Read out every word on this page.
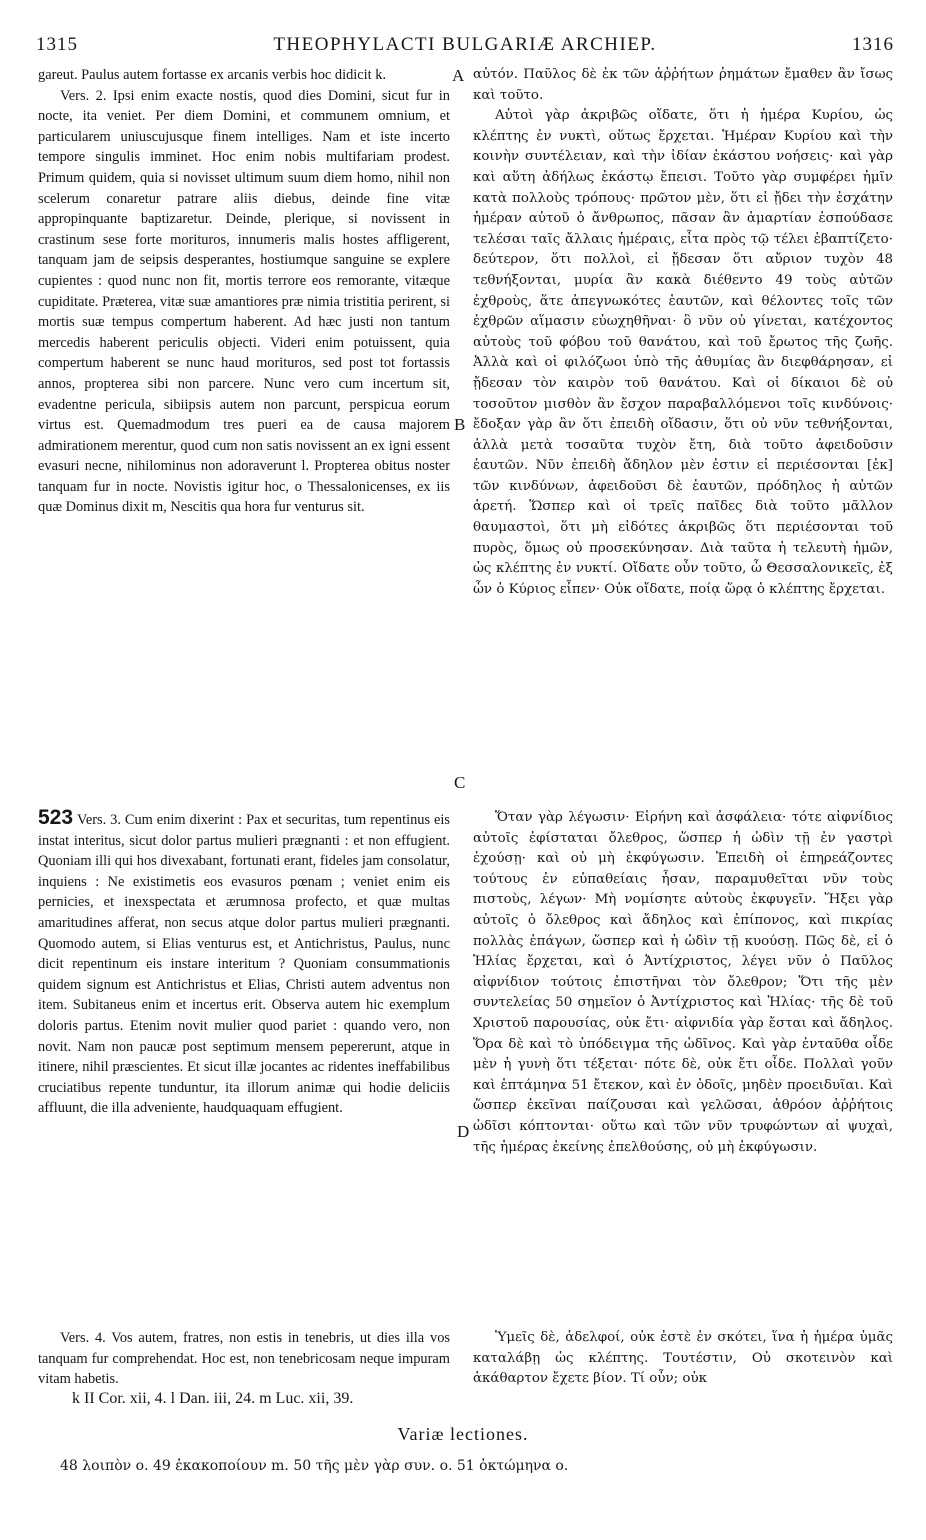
1315	THEOPHYLACTI BULGARIÆ ARCHIEP.	1316
A
B
C
D

gareut. Paulus autem fortasse ex arcanis verbis hoc didicit k.

Vers. 2. Ipsi enim exacte nostis, quod dies Domini, sicut fur in nocte, ita veniet. Per diem Domini, et communem omnium, et particularem uniuscujusque finem intelliges. Nam et iste incerto tempore singulis imminet. Hoc enim nobis multifariam prodest. Primum quidem, quia si novisset ultimum suum diem homo, nihil non scelerum conaretur patrare aliis diebus, deinde fine vitæ appropinquante baptizaretur. Deinde, plerique, si novissent in crastinum sese forte morituros, innumeris malis hostes affligerent, tanquam jam de seipsis desperantes, hostiumque sanguine se explere cupientes : quod nunc non fit, mortis terrore eos remorante, vitæque cupiditate. Præterea, vitæ suæ amantiores præ nimia tristitia perirent, si mortis suæ tempus compertum haberent. Ad hæc justi non tantum mercedis haberent periculis objecti. Videri enim potuissent, quia compertum haberent se nunc haud morituros, sed post tot fortassis annos, propterea sibi non parcere. Nunc vero cum incertum sit, evadentne pericula, sibiipsis autem non parcunt, perspicua eorum virtus est. Quemadmodum tres pueri ea de causa majorem admirationem merentur, quod cum non satis novissent an ex igni essent evasuri necne, nihilominus non adoraverunt l. Propterea obitus noster tanquam fur in nocte. Novistis igitur hoc, o Thessalonicenses, ex iis quæ Dominus dixit m, Nescitis qua hora fur venturus sit.

αὐτόν. Παῦλος δὲ ἐκ τῶν ἀῤῥήτων ῥημάτων ἔμαθεν ἂν ἴσως καὶ τοῦτο.

Αὐτοὶ γὰρ ἀκριβῶς οἴδατε, ὅτι ἡ ἡμέρα Κυρίου, ὡς κλέπτης ἐν νυκτὶ, οὕτως ἔρχεται. Ἡμέραν Κυρίου καὶ τὴν κοινὴν συντέλειαν, καὶ τὴν ἰδίαν ἑκάστου νοήσεις· καὶ γὰρ καὶ αὕτη ἀδήλως ἑκάστῳ ἔπεισι. Τοῦτο γὰρ συμφέρει ἡμῖν κατὰ πολλοὺς τρόπους· πρῶτον μὲν, ὅτι εἰ ᾔδει τὴν ἐσχάτην ἡμέραν αὐτοῦ ὁ ἄνθρωπος, πᾶσαν ἂν ἁμαρτίαν ἐσπούδασε τελέσαι ταῖς ἄλλαις ἡμέραις, εἶτα πρὸς τῷ τέλει ἐβαπτίζετο· δεύτερον, ὅτι πολλοὶ, εἰ ᾔδεσαν ὅτι αὔριον τυχὸν 48 τεθνήξονται, μυρία ἂν κακὰ διέθεντο 49 τοὺς αὐτῶν ἐχθροὺς, ἅτε ἀπεγνωκότες ἑαυτῶν, καὶ θέλοντες τοῖς τῶν ἐχθρῶν αἵμασιν εὐωχηθῆναι· ὃ νῦν οὐ γίνεται, κατέχοντος αὐτοὺς τοῦ φόβου τοῦ θανάτου, καὶ τοῦ ἔρωτος τῆς ζωῆς. Ἀλλὰ καὶ οἱ φιλόζωοι ὑπὸ τῆς ἀθυμίας ἂν διεφθάρησαν, εἰ ᾔδεσαν τὸν καιρὸν τοῦ θανάτου. Καὶ οἱ δίκαιοι δὲ οὐ τοσοῦτον μισθὸν ἂν ἔσχον παραβαλλόμενοι τοῖς κινδύνοις· ἔδοξαν γὰρ ἂν ὅτι ἐπειδὴ οἴδασιν, ὅτι οὐ νῦν τεθνήξονται, ἀλλὰ μετὰ τοσαῦτα τυχὸν ἔτη, διὰ τοῦτο ἀφειδοῦσιν ἑαυτῶν. Νῦν ἐπειδὴ ἄδηλον μὲν ἐστιν εἰ περιέσονται [ἐκ] τῶν κινδύνων, ἀφειδοῦσι δὲ ἑαυτῶν, πρόδηλος ἡ αὐτῶν ἀρετή. Ὥσπερ καὶ οἱ τρεῖς παῖδες διὰ τοῦτο μᾶλλον θαυμαστοὶ, ὅτι μὴ εἰδότες ἀκριβῶς ὅτι περιέσονται τοῦ πυρὸς, ὅμως οὐ προσεκύνησαν. Διὰ ταῦτα ἡ τελευτὴ ἡμῶν, ὡς κλέπτης ἐν νυκτί. Οἴδατε οὖν τοῦτο, ὦ Θεσσαλονικεῖς, ἐξ ὧν ὁ Κύριος εἶπεν· Οὐκ οἴδατε, ποίᾳ ὥρᾳ ὁ κλέπτης ἔρχεται.

523 Vers. 3. Cum enim dixerint : Pax et securitas, tum repentinus eis instat interitus, sicut dolor partus mulieri prægnanti : et non effugient. Quoniam illi qui hos divexabant, fortunati erant, fideles jam consolatur, inquiens : Ne existimetis eos evasuros pœnam ; veniet enim eis pernicies, et inexspectata et ærumnosa profecto, et quæ multas amaritudines afferat, non secus atque dolor partus mulieri prægnanti. Quomodo autem, si Elias venturus est, et Antichristus, Paulus, nunc dicit repentinum eis instare interitum ? Quoniam consummationis quidem signum est Antichristus et Elias, Christi autem adventus non item. Subitaneus enim et incertus erit. Observa autem hic exemplum doloris partus. Etenim novit mulier quod pariet : quando vero, non novit. Nam non paucæ post septimum mensem pepererunt, atque in itinere, nihil præscientes. Et sicut illæ jocantes ac ridentes ineffabilibus cruciatibus repente tunduntur, ita illorum animæ qui hodie deliciis affluunt, die illa adveniente, haudquaquam effugient.

Ὅταν γὰρ λέγωσιν· Εἰρήνη καὶ ἀσφάλεια· τότε αἰφνίδιος αὐτοῖς ἐφίσταται ὄλεθρος, ὥσπερ ἡ ὠδὶν τῇ ἐν γαστρὶ ἐχούσῃ· καὶ οὐ μὴ ἐκφύγωσιν. Ἐπειδὴ οἱ ἐπηρεάζοντες τούτους ἐν εὐπαθείαις ἦσαν, παραμυθεῖται νῦν τοὺς πιστοὺς, λέγων· Μὴ νομίσητε αὐτοὺς ἐκφυγεῖν. Ἥξει γὰρ αὐτοῖς ὁ ὄλεθρος καὶ ἄδηλος καὶ ἐπίπονος, καὶ πικρίας πολλὰς ἐπάγων, ὥσπερ καὶ ἡ ὠδὶν τῇ κυούσῃ. Πῶς δὲ, εἰ ὁ Ἠλίας ἔρχεται, καὶ ὁ Ἀντίχριστος, λέγει νῦν ὁ Παῦλος αἰφνίδιον τούτοις ἐπιστῆναι τὸν ὄλεθρον; Ὅτι τῆς μὲν συντελείας 50 σημεῖον ὁ Ἀντίχριστος καὶ Ἠλίας· τῆς δὲ τοῦ Χριστοῦ παρουσίας, οὐκ ἔτι· αἰφνιδία γὰρ ἔσται καὶ ἄδηλος. Ὅρα δὲ καὶ τὸ ὑπόδειγμα τῆς ὠδῖνος. Καὶ γὰρ ἐνταῦθα οἶδε μὲν ἡ γυνὴ ὅτι τέξεται· πότε δὲ, οὐκ ἔτι οἶδε. Πολλαὶ γοῦν καὶ ἑπτάμηνα 51 ἔτεκον, καὶ ἐν ὁδοῖς, μηδὲν προειδυῖαι. Καὶ ὥσπερ ἐκεῖναι παίζουσαι καὶ γελῶσαι, ἀθρόον ἀῤῥήτοις ὠδῖσι κόπτονται· οὕτω καὶ τῶν νῦν τρυφώντων αἱ ψυχαὶ, τῆς ἡμέρας ἐκείνης ἐπελθούσης, οὐ μὴ ἐκφύγωσιν.

Vers. 4. Vos autem, fratres, non estis in tenebris, ut dies illa vos tanquam fur comprehendat. Hoc est, non tenebricosam neque impuram vitam habetis.

Ὑμεῖς δὲ, ἀδελφοί, οὐκ ἐστὲ ἐν σκότει, ἵνα ἡ ἡμέρα ὑμᾶς καταλάβῃ ὡς κλέπτης. Τουτέστιν, Οὐ σκοτεινὸν καὶ ἀκάθαρτον ἔχετε βίον. Τί οὖν; οὐκ

k II Cor. xii, 4. l Dan. iii, 24. m Luc. xii, 39.
Variæ lectiones.
48 λοιπὸν ο. 49 ἐκακοποίουν m. 50 τῆς μὲν γὰρ συν. ο. 51 ὀκτώμηνα ο.
